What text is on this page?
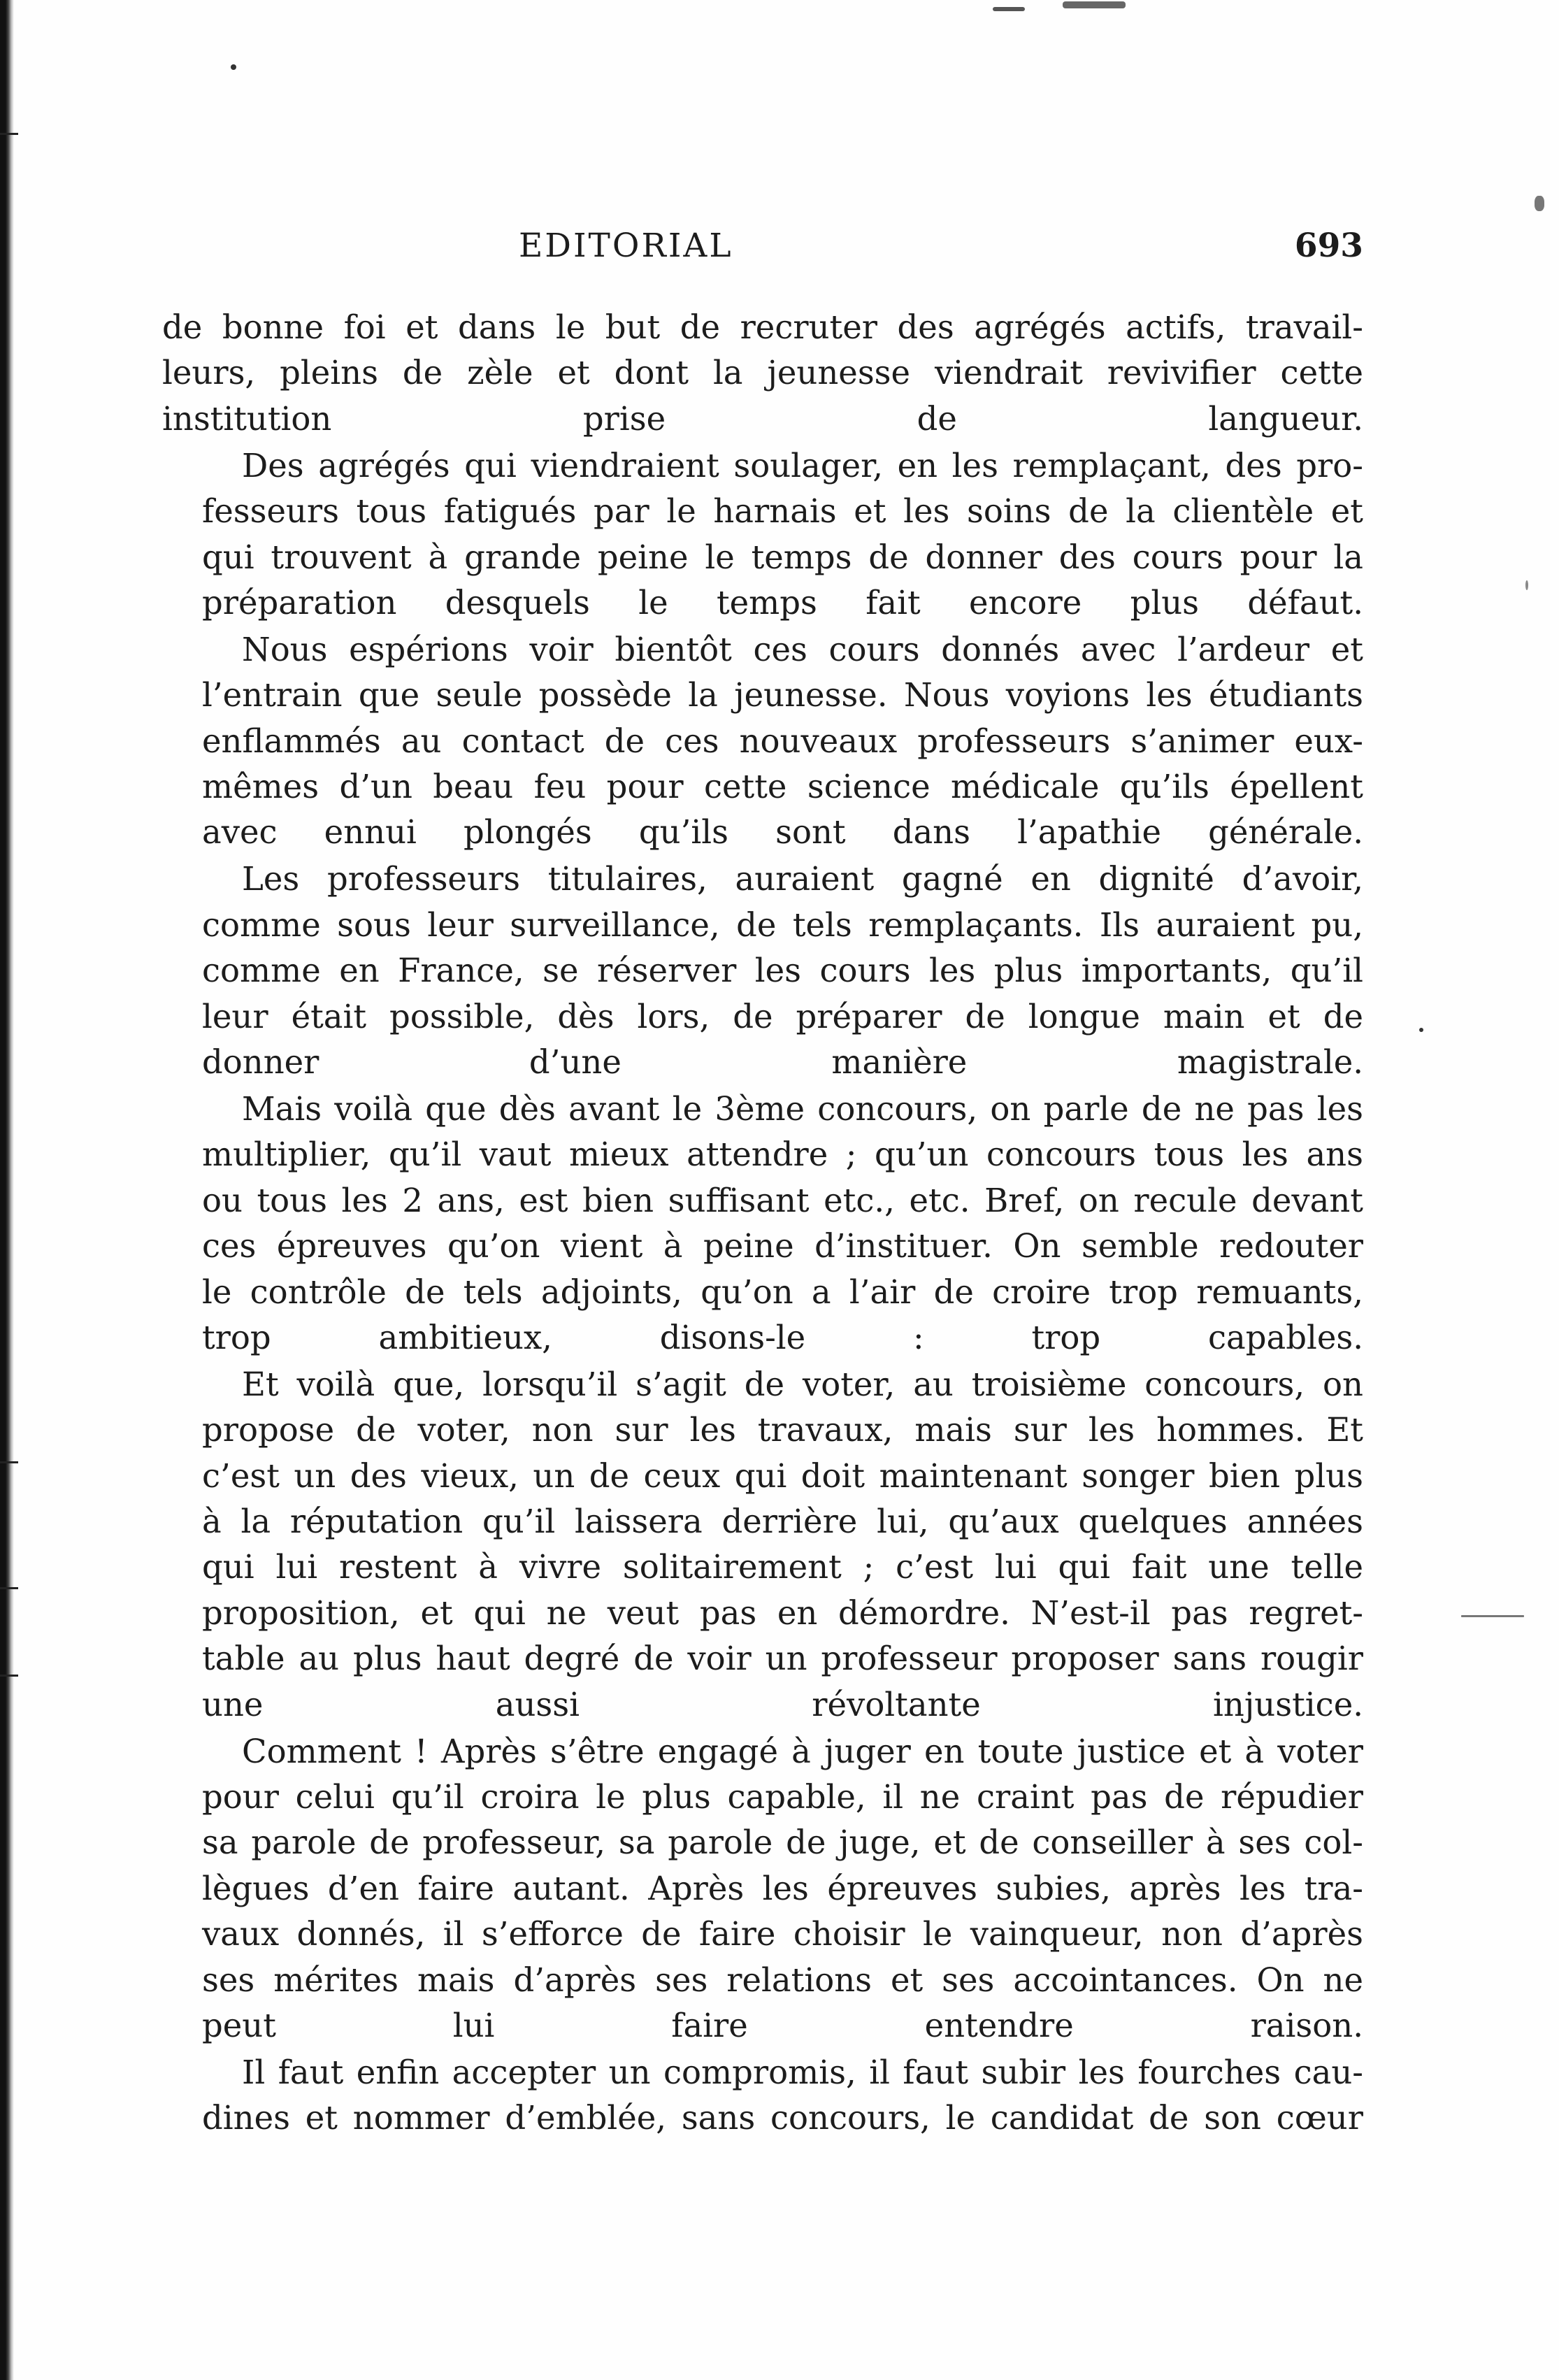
EDITORIAL	693

de bonne foi et dans le but de recruter des agrégés actifs, travail-
leurs, pleins de zèle et dont la jeunesse viendrait revivifier cette
institution prise de langueur.

Des agrégés qui viendraient soulager, en les remplaçant, des pro-
fesseurs tous fatigués par le harnais et les soins de la clientèle et
qui trouvent à grande peine le temps de donner des cours pour la
préparation desquels le temps fait encore plus défaut.

Nous espérions voir bientôt ces cours donnés avec l’ardeur et
l’entrain que seule possède la jeunesse. Nous voyions les étudiants
enflammés au contact de ces nouveaux professeurs s’animer eux-
mêmes d’un beau feu pour cette science médicale qu’ils épellent
avec ennui plongés qu’ils sont dans l’apathie générale.

Les professeurs titulaires, auraient gagné en dignité d’avoir,
comme sous leur surveillance, de tels remplaçants. Ils auraient pu,
comme en France, se réserver les cours les plus importants, qu’il
leur était possible, dès lors, de préparer de longue main et de
donner d’une manière magistrale.

Mais voilà que dès avant le 3ème concours, on parle de ne pas les
multiplier, qu’il vaut mieux attendre ; qu’un concours tous les ans
ou tous les 2 ans, est bien suffisant etc., etc. Bref, on recule devant
ces épreuves qu’on vient à peine d’instituer. On semble redouter
le contrôle de tels adjoints, qu’on a l’air de croire trop remuants,
trop ambitieux, disons-le : trop capables.

Et voilà que, lorsqu’il s’agit de voter, au troisième concours, on
propose de voter, non sur les travaux, mais sur les hommes. Et
c’est un des vieux, un de ceux qui doit maintenant songer bien plus
à la réputation qu’il laissera derrière lui, qu’aux quelques années
qui lui restent à vivre solitairement ; c’est lui qui fait une telle
proposition, et qui ne veut pas en démordre. N’est-il pas regret-
table au plus haut degré de voir un professeur proposer sans rougir
une aussi révoltante injustice.

Comment ! Après s’être engagé à juger en toute justice et à voter
pour celui qu’il croira le plus capable, il ne craint pas de répudier
sa parole de professeur, sa parole de juge, et de conseiller à ses col-
lègues d’en faire autant. Après les épreuves subies, après les tra-
vaux donnés, il s’efforce de faire choisir le vainqueur, non d’après
ses mérites mais d’après ses relations et ses accointances. On ne
peut lui faire entendre raison.

Il faut enfin accepter un compromis, il faut subir les fourches cau-
dines et nommer d’emblée, sans concours, le candidat de son cœur
